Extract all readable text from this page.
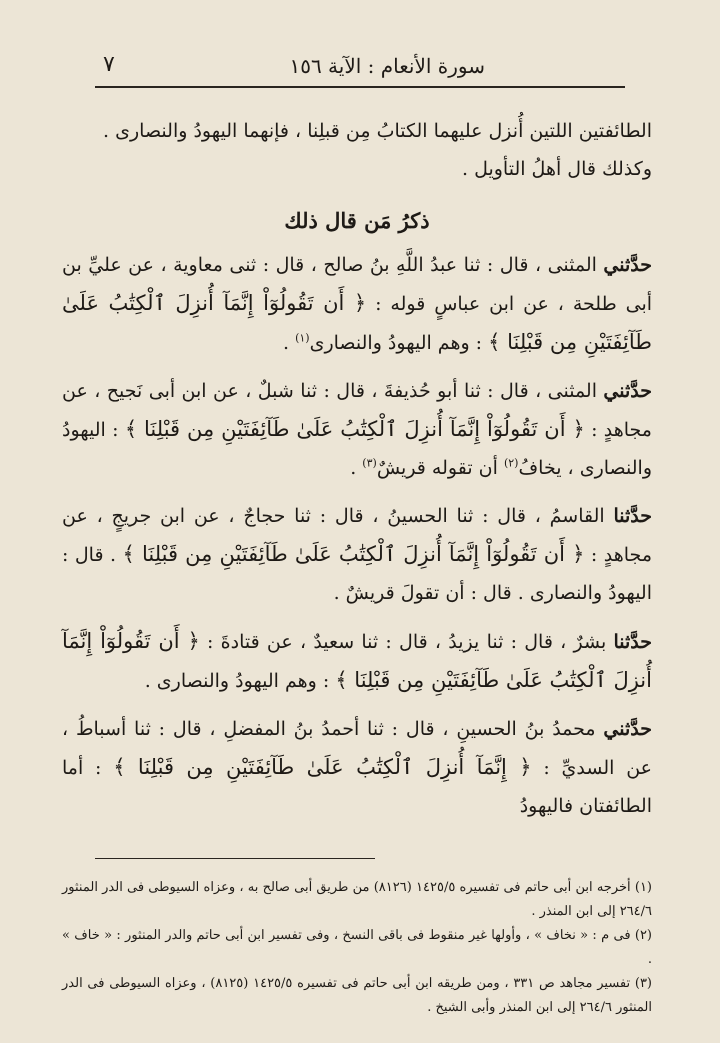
سورة الأنعام : الآية ١٥٦
٧

الطائفتين اللتين أُنزل عليهما الكتابُ مِن قبلِنا ، فإنهما اليهودُ والنصارى .

وكذلك قال أهلُ التأويل .

ذكرُ مَن قال ذلك

حدَّثني المثنى ، قال : ثنا عبدُ اللَّهِ بنُ صالح ، قال : ثنى معاوية ، عن عليِّ بن أبى طلحة ، عن ابن عباسٍ قوله : ﴿ أَن تَقُولُوٓاْ إِنَّمَآ أُنزِلَ ٱلْكِتَٰبُ عَلَىٰ طَآئِفَتَيْنِ مِن قَبْلِنَا ﴾ : وهم اليهودُ والنصارى$^{(١)}$ .

حدَّثني المثنى ، قال : ثنا أبو حُذيفةَ ، قال : ثنا شبلٌ ، عن ابن أبى نَجيح ، عن مجاهدٍ : ﴿ أَن تَقُولُوٓاْ إِنَّمَآ أُنزِلَ ٱلْكِتَٰبُ عَلَىٰ طَآئِفَتَيْنِ مِن قَبْلِنَا ﴾ : اليهودُ والنصارى ، يخافُ$^{(٢)}$ أن تقوله قريشٌ$^{(٣)}$ .

حدَّثنا القاسمُ ، قال : ثنا الحسينُ ، قال : ثنا حجاجٌ ، عن ابن جريجٍ ، عن مجاهدٍ : ﴿ أَن تَقُولُوٓاْ إِنَّمَآ أُنزِلَ ٱلْكِتَٰبُ عَلَىٰ طَآئِفَتَيْنِ مِن قَبْلِنَا ﴾ . قال : اليهودُ والنصارى . قال : أن تقولَ قريشٌ .

حدَّثنا بشرٌ ، قال : ثنا يزيدُ ، قال : ثنا سعيدٌ ، عن قتادةَ : ﴿ أَن تَقُولُوٓاْ إِنَّمَآ أُنزِلَ ٱلْكِتَٰبُ عَلَىٰ طَآئِفَتَيْنِ مِن قَبْلِنَا ﴾ : وهم اليهودُ والنصارى .

حدَّثني محمدُ بنُ الحسينِ ، قال : ثنا أحمدُ بنُ المفضلِ ، قال : ثنا أسباطُ ، عن السديِّ : ﴿ إِنَّمَآ أُنزِلَ ٱلْكِتَٰبُ عَلَىٰ طَآئِفَتَيْنِ مِن قَبْلِنَا ﴾ : أما الطائفتان فاليهودُ

(١) أخرجه ابن أبى حاتم فى تفسيره ١٤٢٥/٥ (٨١٢٦) من طريق أبى صالح به ، وعزاه السيوطى فى الدر المنثور ٢٦٤/٦ إلى ابن المنذر .

(٢) فى م : « نخاف » ، وأولها غير منقوط فى باقى النسخ ، وفى تفسير ابن أبى حاتم والدر المنثور : « خاف » .

(٣) تفسير مجاهد ص ٣٣١ ، ومن طريقه ابن أبى حاتم فى تفسيره ١٤٢٥/٥ (٨١٢٥) ، وعزاه السيوطى فى الدر المنثور ٢٦٤/٦ إلى ابن المنذر وأبى الشيخ .
